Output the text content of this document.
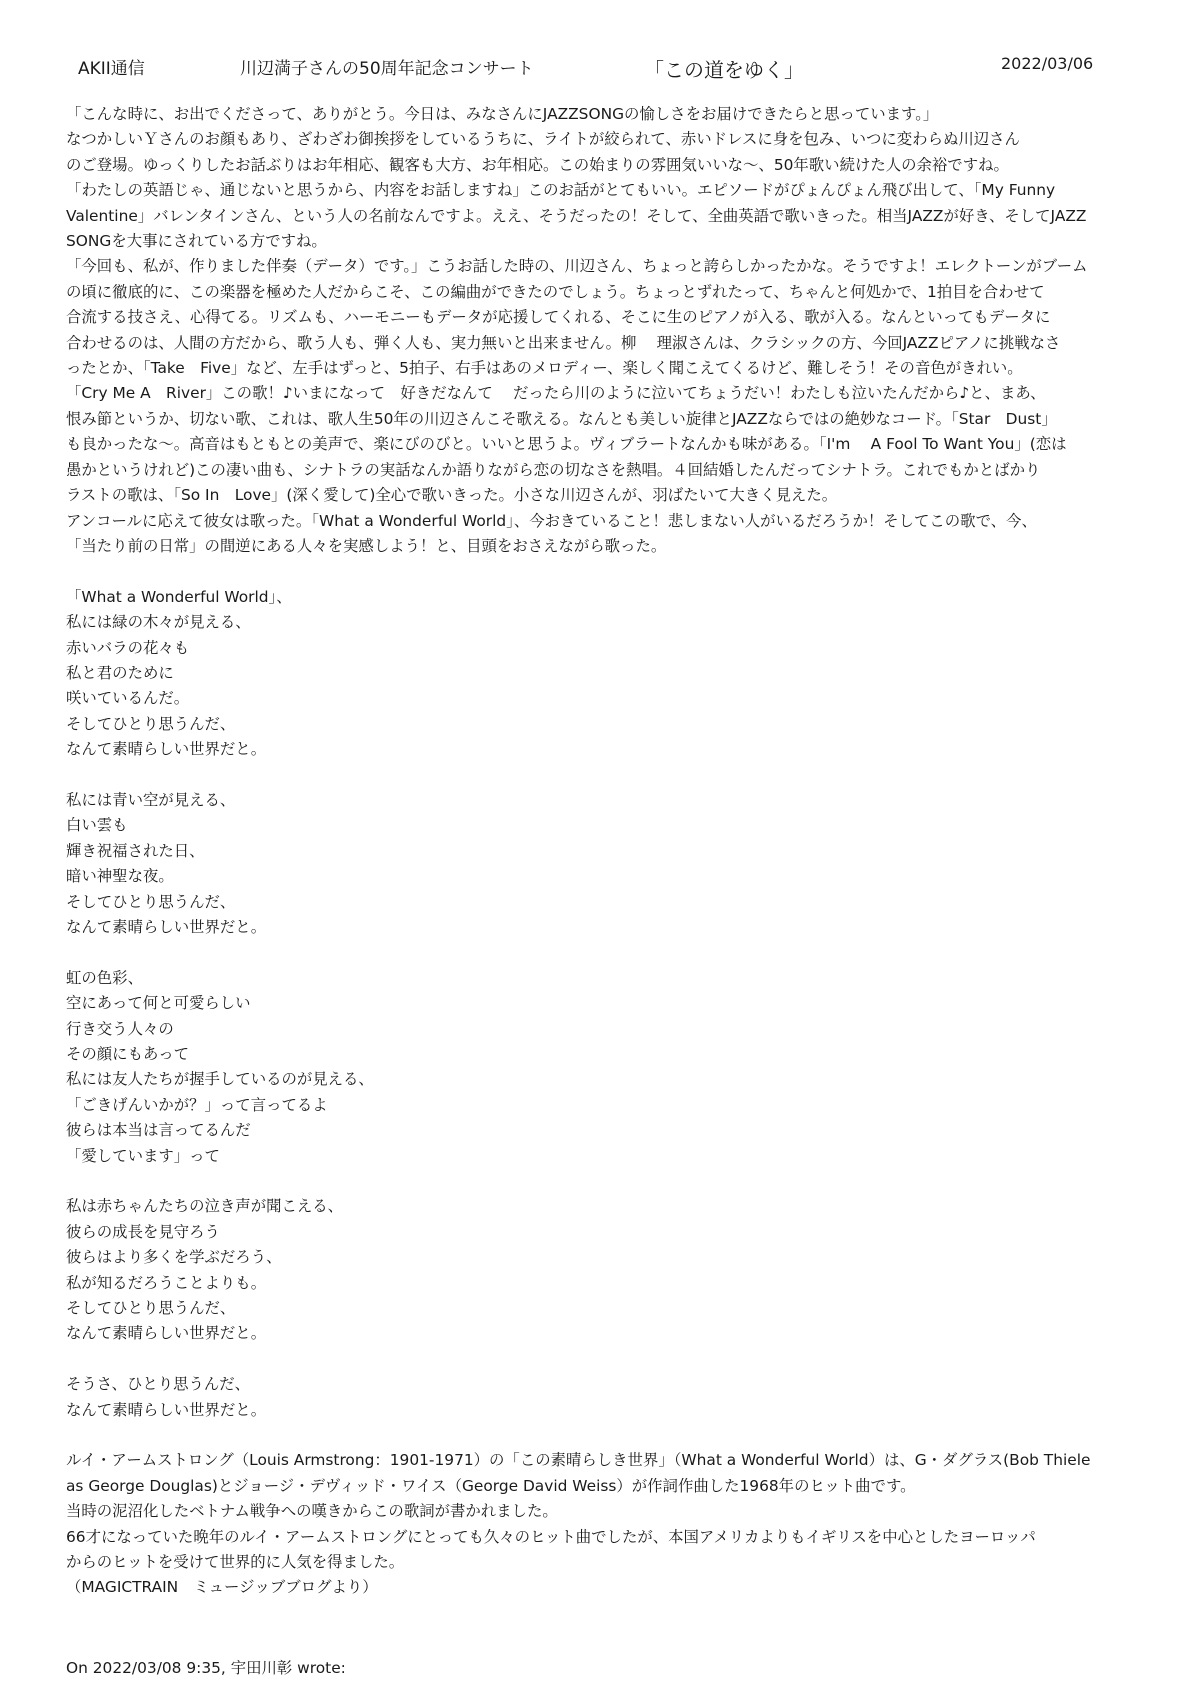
AKII通信	川辺満子さんの50周年記念コンサート	「この道をゆく」	2022/03/06

「こんな時に、お出でくださって、ありがとう。今日は、みなさんにJAZZSONGの愉しさをお届けできたらと思っています。」

なつかしいＹさんのお顔もあり、ざわざわ御挨拶をしているうちに、ライトが絞られて、赤いドレスに身を包み、いつに変わらぬ川辺さん

のご登場。ゆっくりしたお話ぶりはお年相応、観客も大方、お年相応。この始まりの雰囲気いいな〜、50年歌い続けた人の余裕ですね。

「わたしの英語じゃ、通じないと思うから、内容をお話しますね」このお話がとてもいい。エピソードがぴょんぴょん飛び出して、「My Funny

Valentine」バレンタインさん、という人の名前なんですよ。ええ、そうだったの！そして、全曲英語で歌いきった。相当JAZZが好き、そしてJAZZ

SONGを大事にされている方ですね。

「今回も、私が、作りました伴奏（データ）です。」こうお話した時の、川辺さん、ちょっと誇らしかったかな。そうですよ！エレクトーンがブーム

の頃に徹底的に、この楽器を極めた人だからこそ、この編曲ができたのでしょう。ちょっとずれたって、ちゃんと何処かで、1拍目を合わせて

合流する技さえ、心得てる。リズムも、ハーモニーもデータが応援してくれる、そこに生のピアノが入る、歌が入る。なんといってもデータに

合わせるのは、人間の方だから、歌う人も、弾く人も、実力無いと出来ません。柳　 理淑さんは、クラシックの方、今回JAZZピアノに挑戦なさ

ったとか、「Take　Five」など、左手はずっと、5拍子、右手はあのメロディー、楽しく聞こえてくるけど、難しそう！その音色がきれい。

「Cry Me A　River」この歌！♪いまになって　好きだなんて　 だったら川のように泣いてちょうだい！わたしも泣いたんだから♪と、まあ、

恨み節というか、切ない歌、これは、歌人生50年の川辺さんこそ歌える。なんとも美しい旋律とJAZZならではの絶妙なコード。「Star　Dust」

も良かったな〜。高音はもともとの美声で、楽にびのびと。いいと思うよ。ヴィブラートなんかも味がある。「I'm　 A Fool To Want You」(恋は

愚かというけれど)この凄い曲も、シナトラの実話なんか語りながら恋の切なさを熱唱。４回結婚したんだってシナトラ。これでもかとばかり

ラストの歌は、「So In　Love」(深く愛して)全心で歌いきった。小さな川辺さんが、羽ばたいて大きく見えた。

アンコールに応えて彼女は歌った。「What a Wonderful World」、今おきていること！悲しまない人がいるだろうか！そしてこの歌で、今、

「当たり前の日常」の間逆にある人々を実感しよう！と、目頭をおさえながら歌った。

「What a Wonderful World」、

私には緑の木々が見える、

赤いバラの花々も

私と君のために

咲いているんだ。

そしてひとり思うんだ、

なんて素晴らしい世界だと。

私には青い空が見える、

白い雲も

輝き祝福された日、

暗い神聖な夜。

そしてひとり思うんだ、

なんて素晴らしい世界だと。

虹の色彩、

空にあって何と可愛らしい

行き交う人々の

その顔にもあって

私には友人たちが握手しているのが見える、

「ごきげんいかが？」って言ってるよ

彼らは本当は言ってるんだ

「愛しています」って

私は赤ちゃんたちの泣き声が聞こえる、

彼らの成長を見守ろう

彼らはより多くを学ぶだろう、

私が知るだろうことよりも。

そしてひとり思うんだ、

なんて素晴らしい世界だと。

そうさ、ひとり思うんだ、

なんて素晴らしい世界だと。

ルイ・アームストロング（Louis Armstrong：1901-1971）の「この素晴らしき世界」（What a Wonderful World）は、G・ダグラス(Bob Thiele

as George Douglas)とジョージ・デヴィッド・ワイス（George David Weiss）が作詞作曲した1968年のヒット曲です。

当時の泥沼化したベトナム戦争への嘆きからこの歌詞が書かれました。

66才になっていた晩年のルイ・アームストロングにとっても久々のヒット曲でしたが、本国アメリカよりもイギリスを中心としたヨーロッパ

からのヒットを受けて世界的に人気を得ました。

（MAGICTRAIN　ミュージッブブログより）

On 2022/03/08 9:35, 宇田川彰 wrote:
